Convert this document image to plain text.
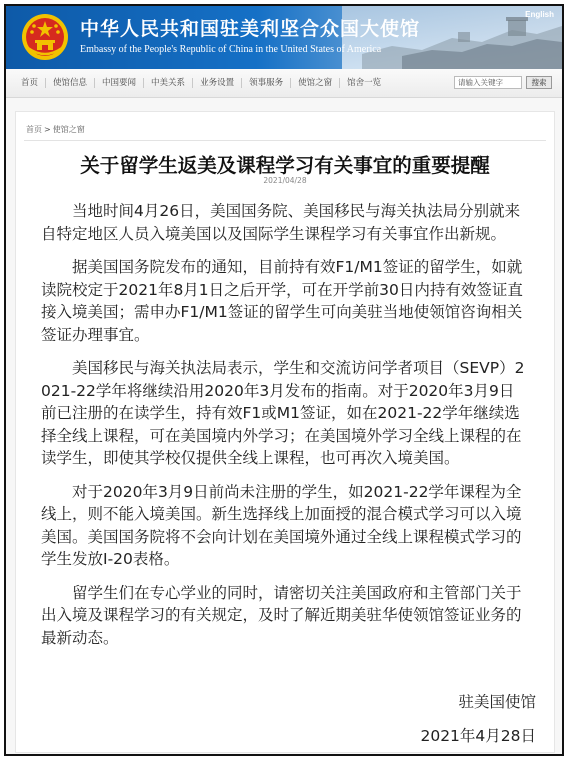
中华人民共和国驻美利坚合众国大使馆
Embassy of the People's Republic of China in the United States of America
English
首页	使馆信息	中国要闻	中美关系	业务设置	领事服务	使馆之窗	馆舍一览	请输入关键字	搜索
首页 > 使馆之窗
关于留学生返美及课程学习有关事宜的重要提醒
2021/04/28

当地时间4月26日，美国国务院、美国移民与海关执法局分别就来自特定地区人员入境美国以及国际学生课程学习有关事宜作出新规。

据美国国务院发布的通知，目前持有效F1/M1签证的留学生，如就读院校定于2021年8月1日之后开学，可在开学前30日内持有效签证直接入境美国；需申办F1/M1签证的留学生可向美驻当地使领馆咨询相关签证办理事宜。

美国移民与海关执法局表示，学生和交流访问学者项目（SEVP）2021-22学年将继续沿用2020年3月发布的指南。对于2020年3月9日前已注册的在读学生，持有效F1或M1签证，如在2021-22学年继续选择全线上课程，可在美国境内外学习；在美国境外学习全线上课程的在读学生，即使其学校仅提供全线上课程，也可再次入境美国。

对于2020年3月9日前尚未注册的学生，如2021-22学年课程为全线上，则不能入境美国。新生选择线上加面授的混合模式学习可以入境美国。美国国务院将不会向计划在美国境外通过全线上课程模式学习的学生发放I-20表格。

留学生们在专心学业的同时，请密切关注美国政府和主管部门关于出入境及课程学习的有关规定，及时了解近期美驻华使领馆签证业务的最新动态。

驻美国使馆
2021年4月28日
